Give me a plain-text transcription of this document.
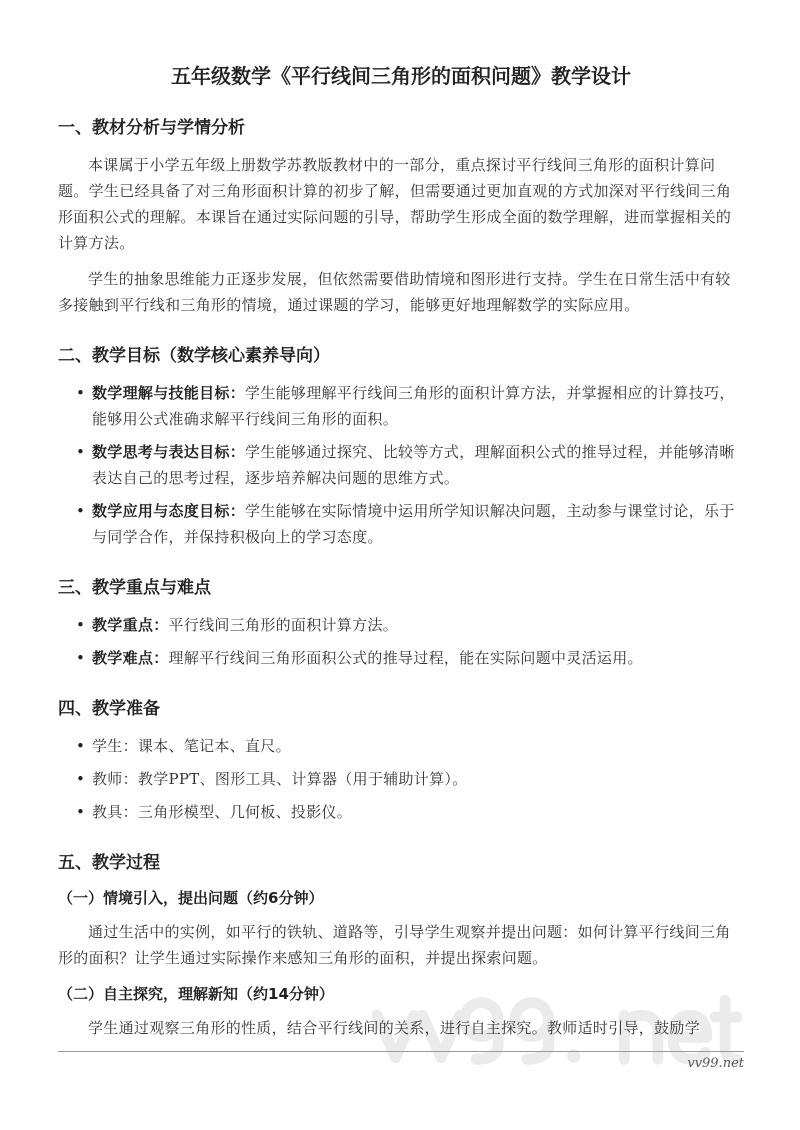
五年级数学《平行线间三角形的面积问题》教学设计
一、教材分析与学情分析
本课属于小学五年级上册数学苏教版教材中的一部分，重点探讨平行线间三角形的面积计算问题。学生已经具备了对三角形面积计算的初步了解，但需要通过更加直观的方式加深对平行线间三角形面积公式的理解。本课旨在通过实际问题的引导，帮助学生形成全面的数学理解，进而掌握相关的计算方法。
学生的抽象思维能力正逐步发展，但依然需要借助情境和图形进行支持。学生在日常生活中有较多接触到平行线和三角形的情境，通过课题的学习，能够更好地理解数学的实际应用。
二、教学目标（数学核心素养导向）
• 数学理解与技能目标：学生能够理解平行线间三角形的面积计算方法，并掌握相应的计算技巧，能够用公式准确求解平行线间三角形的面积。
• 数学思考与表达目标：学生能够通过探究、比较等方式，理解面积公式的推导过程，并能够清晰表达自己的思考过程，逐步培养解决问题的思维方式。
• 数学应用与态度目标：学生能够在实际情境中运用所学知识解决问题，主动参与课堂讨论，乐于与同学合作，并保持积极向上的学习态度。
三、教学重点与难点
• 教学重点：平行线间三角形的面积计算方法。
• 教学难点：理解平行线间三角形面积公式的推导过程，能在实际问题中灵活运用。
四、教学准备
• 学生：课本、笔记本、直尺。
• 教师：教学PPT、图形工具、计算器（用于辅助计算）。
• 教具：三角形模型、几何板、投影仪。
五、教学过程
（一）情境引入，提出问题（约6分钟）
通过生活中的实例，如平行的铁轨、道路等，引导学生观察并提出问题：如何计算平行线间三角形的面积？让学生通过实际操作来感知三角形的面积，并提出探索问题。
（二）自主探究，理解新知（约14分钟）
学生通过观察三角形的性质，结合平行线间的关系，进行自主探究。教师适时引导，鼓励学
vv99.net
